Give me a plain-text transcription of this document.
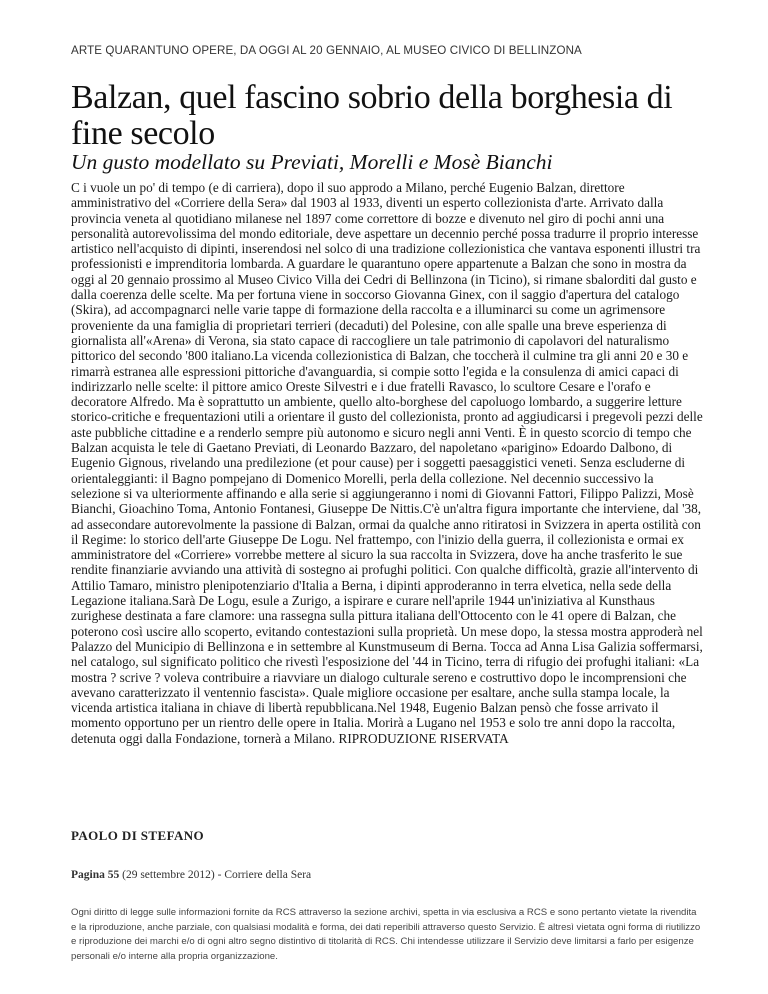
ARTE QUARANTUNO OPERE, DA OGGI AL 20 GENNAIO, AL MUSEO CIVICO DI BELLINZONA
Balzan, quel fascino sobrio della borghesia di fine secolo
Un gusto modellato su Previati, Morelli e Mosè Bianchi

C i vuole un po' di tempo (e di carriera), dopo il suo approdo a Milano, perché Eugenio Balzan, direttore amministrativo del «Corriere della Sera» dal 1903 al 1933, diventi un esperto collezionista d'arte. Arrivato dalla provincia veneta al quotidiano milanese nel 1897 come correttore di bozze e divenuto nel giro di pochi anni una personalità autorevolissima del mondo editoriale, deve aspettare un decennio perché possa tradurre il proprio interesse artistico nell'acquisto di dipinti, inserendosi nel solco di una tradizione collezionistica che vantava esponenti illustri tra professionisti e imprenditoria lombarda. A guardare le quarantuno opere appartenute a Balzan che sono in mostra da oggi al 20 gennaio prossimo al Museo Civico Villa dei Cedri di Bellinzona (in Ticino), si rimane sbalorditi dal gusto e dalla coerenza delle scelte. Ma per fortuna viene in soccorso Giovanna Ginex, con il saggio d'apertura del catalogo (Skira), ad accompagnarci nelle varie tappe di formazione della raccolta e a illuminarci su come un agrimensore proveniente da una famiglia di proprietari terrieri (decaduti) del Polesine, con alle spalle una breve esperienza di giornalista all'«Arena» di Verona, sia stato capace di raccogliere un tale patrimonio di capolavori del naturalismo pittorico del secondo '800 italiano.La vicenda collezionistica di Balzan, che toccherà il culmine tra gli anni 20 e 30 e rimarrà estranea alle espressioni pittoriche d'avanguardia, si compie sotto l'egida e la consulenza di amici capaci di indirizzarlo nelle scelte: il pittore amico Oreste Silvestri e i due fratelli Ravasco, lo scultore Cesare e l'orafo e decoratore Alfredo. Ma è soprattutto un ambiente, quello alto-borghese del capoluogo lombardo, a suggerire letture storico-critiche e frequentazioni utili a orientare il gusto del collezionista, pronto ad aggiudicarsi i pregevoli pezzi delle aste pubbliche cittadine e a renderlo sempre più autonomo e sicuro negli anni Venti. È in questo scorcio di tempo che Balzan acquista le tele di Gaetano Previati, di Leonardo Bazzaro, del napoletano «parigino» Edoardo Dalbono, di Eugenio Gignous, rivelando una predilezione (et pour cause) per i soggetti paesaggistici veneti. Senza escluderne di orientaleggianti: il Bagno pompejano di Domenico Morelli, perla della collezione. Nel decennio successivo la selezione si va ulteriormente affinando e alla serie si aggiungeranno i nomi di Giovanni Fattori, Filippo Palizzi, Mosè Bianchi, Gioachino Toma, Antonio Fontanesi, Giuseppe De Nittis.C'è un'altra figura importante che interviene, dal '38, ad assecondare autorevolmente la passione di Balzan, ormai da qualche anno ritiratosi in Svizzera in aperta ostilità con il Regime: lo storico dell'arte Giuseppe De Logu. Nel frattempo, con l'inizio della guerra, il collezionista e ormai ex amministratore del «Corriere» vorrebbe mettere al sicuro la sua raccolta in Svizzera, dove ha anche trasferito le sue rendite finanziarie avviando una attività di sostegno ai profughi politici. Con qualche difficoltà, grazie all'intervento di Attilio Tamaro, ministro plenipotenziario d'Italia a Berna, i dipinti approderanno in terra elvetica, nella sede della Legazione italiana.Sarà De Logu, esule a Zurigo, a ispirare e curare nell'aprile 1944 un'iniziativa al Kunsthaus zurighese destinata a fare clamore: una rassegna sulla pittura italiana dell'Ottocento con le 41 opere di Balzan, che poterono così uscire allo scoperto, evitando contestazioni sulla proprietà. Un mese dopo, la stessa mostra approderà nel Palazzo del Municipio di Bellinzona e in settembre al Kunstmuseum di Berna. Tocca ad Anna Lisa Galizia soffermarsi, nel catalogo, sul significato politico che rivestì l'esposizione del '44 in Ticino, terra di rifugio dei profughi italiani: «La mostra ? scrive ? voleva contribuire a riavviare un dialogo culturale sereno e costruttivo dopo le incomprensioni che avevano caratterizzato il ventennio fascista». Quale migliore occasione per esaltare, anche sulla stampa locale, la vicenda artistica italiana in chiave di libertà repubblicana.Nel 1948, Eugenio Balzan pensò che fosse arrivato il momento opportuno per un rientro delle opere in Italia. Morirà a Lugano nel 1953 e solo tre anni dopo la raccolta, detenuta oggi dalla Fondazione, tornerà a Milano. RIPRODUZIONE RISERVATA

PAOLO DI STEFANO

Pagina 55 (29 settembre 2012) - Corriere della Sera

Ogni diritto di legge sulle informazioni fornite da RCS attraverso la sezione archivi, spetta in via esclusiva a RCS e sono pertanto vietate la rivendita e la riproduzione, anche parziale, con qualsiasi modalità e forma, dei dati reperibili attraverso questo Servizio. È altresì vietata ogni forma di riutilizzo e riproduzione dei marchi e/o di ogni altro segno distintivo di titolarità di RCS. Chi intendesse utilizzare il Servizio deve limitarsi a farlo per esigenze personali e/o interne alla propria organizzazione.
